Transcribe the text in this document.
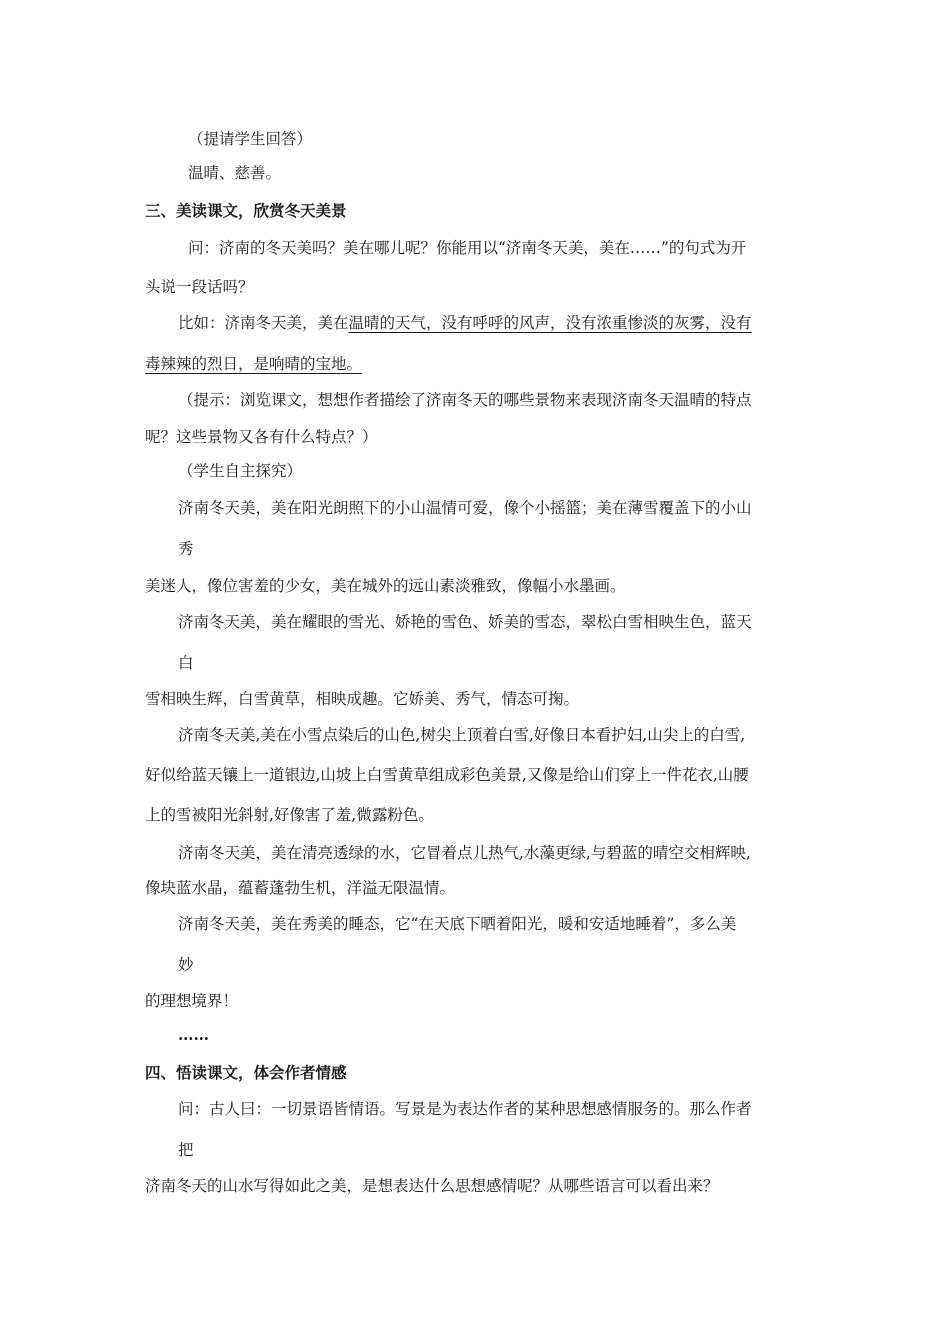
（提请学生回答）
温晴、慈善。
三、美读课文，欣赏冬天美景
问：济南的冬天美吗？美在哪儿呢？你能用以“济南冬天美，美在……”的句式为开
头说一段话吗？
比如：济南冬天美，美在温晴的天气，没有呼呼的风声，没有浓重惨淡的灰雾，没有
毒辣辣的烈日，是响晴的宝地。
（提示：浏览课文，想想作者描绘了济南冬天的哪些景物来表现济南冬天温晴的特点
呢？这些景物又各有什么特点？）
（学生自主探究）
济南冬天美，美在阳光朗照下的小山温情可爱，像个小摇篮；美在薄雪覆盖下的小山
秀
美迷人，像位害羞的少女，美在城外的远山素淡雅致，像幅小水墨画。
济南冬天美，美在耀眼的雪光、娇艳的雪色、娇美的雪态，翠松白雪相映生色，蓝天
白
雪相映生辉，白雪黄草，相映成趣。它娇美、秀气，情态可掬。
济南冬天美,美在小雪点染后的山色,树尖上顶着白雪,好像日本看护妇,山尖上的白雪,
好似给蓝天镶上一道银边,山坡上白雪黄草组成彩色美景,又像是给山们穿上一件花衣,山腰
上的雪被阳光斜射,好像害了羞,微露粉色。
济南冬天美，美在清亮透绿的水，它冒着点儿热气,水藻更绿,与碧蓝的晴空交相辉映,
像块蓝水晶，蕴蓄蓬勃生机，洋溢无限温情。
济南冬天美，美在秀美的睡态，它“在天底下晒着阳光，暖和安适地睡着”，多么美
妙
的理想境界！
……
四、悟读课文，体会作者情感
问：古人曰：一切景语皆情语。写景是为表达作者的某种思想感情服务的。那么作者
把
济南冬天的山水写得如此之美，是想表达什么思想感情呢？从哪些语言可以看出来？
